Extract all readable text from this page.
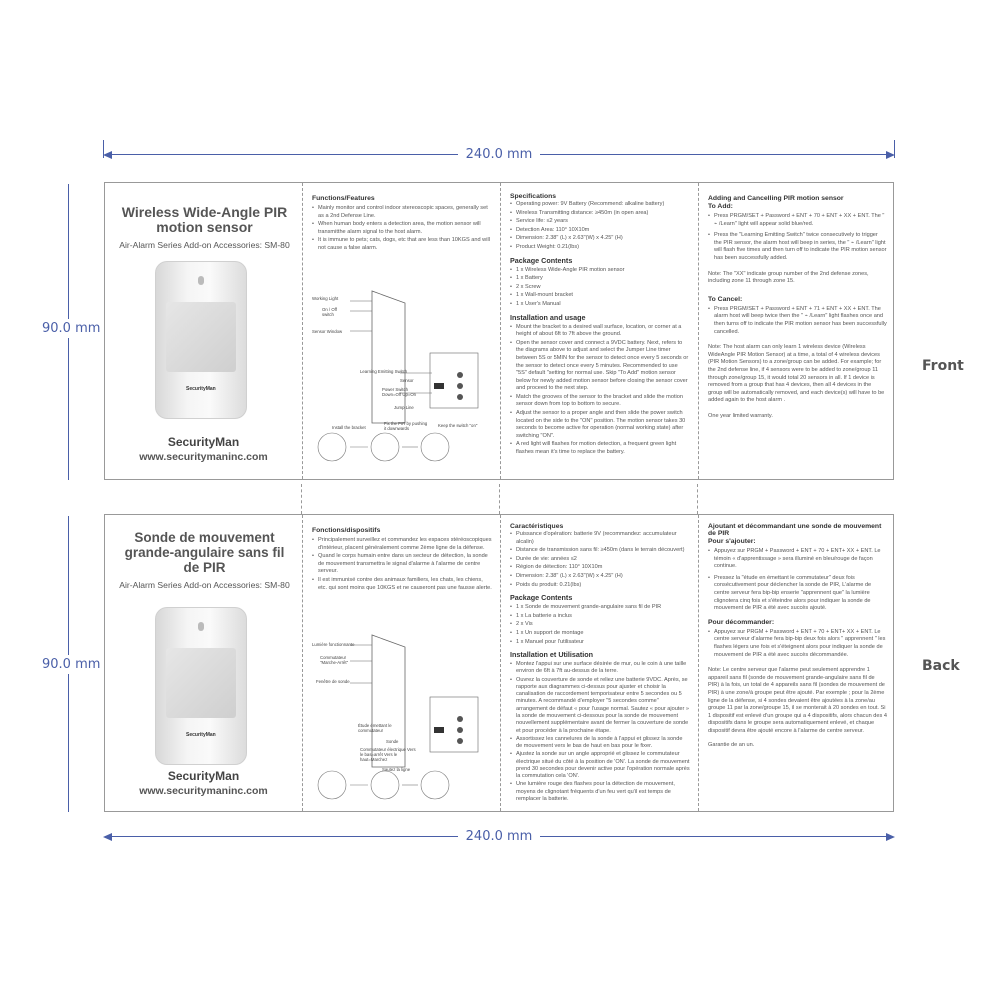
240.0 mm
240.0 mm
90.0 mm
90.0 mm
Front
Back
Wireless Wide-Angle PIR motion sensor
Air-Alarm Series Add-on Accessories: SM-80
SecurityMan
SecurityMan
www.securitymaninc.com
Functions/Features
• Mainly monitor and control indoor stereoscopic spaces, generally set as a 2nd Defense Line.
• When human body enters a detection area, the motion sensor will transmitthe alarm signal to the host alarm.
• It is immune to pets; cats, dogs, etc that are less than 10KGS and will not cause a false alarm.
Working Light
On / Off switch
Sensor Window
Learning Emitting Switch
Sensor
Power Switch Down=Off Up=On
Jump Line
Install the bracket
Fix the PIR by pushing it downwards
Keep the switch "on"
Specifications
• Operating power: 9V Battery (Recommend: alkaline battery)
• Wireless Transmitting distance: ≥450m (in open area)
• Service life: ≤2 years
• Detection Area: 110° 10X10m
• Dimension: 2.38" (L) x 2.63"(W) x 4.25" (H)
• Product Weight: 0.21(lbs)
Package Contents
• 1 x Wireless Wide-Angle PIR motion sensor
• 1 x Battery
• 2 x Screw
• 1 x Wall-mount bracket
• 1 x User's Manual
Installation and usage
• Mount the bracket to a desired wall surface, location, or corner at a height of about 6ft to 7ft above the ground.
• Open the sensor cover and connect a 9VDC battery. Next, refers to the diagrams above to adjust and select the Jumper Line timer between 5S or 5MIN for the sensor to detect once every 5 seconds or the sensor to detect once every 5 minutes. Recommended to use "5S" default "setting for normal use. Skip "To Add" motion sensor below for newly added motion sensor before closing the sensor cover and proceed to the next step.
• Match the grooves of the sensor to the bracket and slide the motion sensor down from top to bottom to secure.
• Adjust the sensor to a proper angle and then slide the power switch located on the side to the "ON" position. The motion sensor takes 30 seconds to become active for operation (normal working state) after switching "ON".
• A red light will flashes for motion detection, a frequent green light flashes mean it's time to replace the battery.
Adding and Cancelling PIR motion sensor
To Add:
• Press PRGM/SET + Password + ENT + 70 + ENT + XX + ENT. The " ⌁ /Learn" light will appear solid blue/red.
• Press the "Learning Emitting Switch" twice consecutively to trigger the PIR sensor, the alarm host will beep in series, the " ⌁ /Learn" light will flash five times and then turn off to indicate the PIR motion sensor has been successfully added.

Note: The "XX" indicate group number of the 2nd defense zones, including zone 11 through zone 15.

To Cancel:
• Press PRGM/SET + Password + ENT + 71 + ENT + XX + ENT. The alarm host will beep twice then the " ⌁ /Learn" light flashes once and then turns off to indicate the PIR motion sensor has been successfully cancelled.

Note: The host alarm can only learn 1 wireless device (Wireless WideAngle PIR Motion Sensor) at a time, a total of 4 wireless devices (PIR Motion Sensors) to a zone/group can be added. For example; for the 2nd defense line, if 4 sensors were to be added to zone/group 11 through zone/group 15, it would total 20 sensors in all. If 1 device is removed from a group that has 4 devices, then all 4 devices in the group will be automatically removed, and each device(s) will have to be added again to the host alarm .

One year limited warranty.

Sonde de mouvement grande-angulaire sans fil de PIR
Air-Alarm Series Add-on Accessories: SM-80
SecurityMan
SecurityMan
www.securitymaninc.com
Fonctions/dispositifs
• Principalement surveillez et commandez les espaces stéréoscopiques d'intérieur, placent généralement comme 2ème ligne de la défense.
• Quand le corps humain entre dans un secteur de détection, la sonde de mouvement transmettra le signal d'alarme à l'alarme de centre serveur.
• Il est immunisé contre des animaux familiers, les chats, les chiens, etc. qui sont moins que 10KGS et ne causeront pas une fausse alerte.
Lumière fonctionnante
Commutateur "Marche-Arrêt"
Fenêtre de sonde
Étude émettant le commutateur
Sonde
Commutateur électrique Vers le bas=arrêt Vers le haut=Marchez
Sautez la ligne
Caractéristiques
• Puissance d'opération: batterie 9V (recommandez: accumulateur alcalin)
• Distance de transmission sans fil: ≥450m (dans le terrain découvert)
• Durée de vie: années ≤2
• Région de détection: 110° 10X10m
• Dimension: 2.38" (L) x 2.63"(W) x 4.25" (H)
• Poids du produit: 0.21(lbs)
Package Contents
• 1 x Sonde de mouvement grande-angulaire sans fil de PIR
• 1 x La batterie a inclus
• 2 x Vis
• 1 x Un support de montage
• 1 x Manuel pour l'utilisateur
Installation et Utilisation
• Montez l'appui sur une surface désirée de mur, ou le coin à une taille environ de 6ft à 7ft au-dessus de la terre.
• Ouvrez la couverture de sonde et reliez une batterie 9VDC. Après, se rapporte aux diagrammes ci-dessus pour ajuster et choisir la canalisation de raccordement temporisateur entre 5 secondes ou 5 minutes. A recommandé d'employer "5 secondes comme" arrangement de défaut « pour l'usage normal. Sautez « pour ajouter » la sonde de mouvement ci-dessous pour la sonde de mouvement nouvellement supplémentaire avant de fermer la couverture de sonde et pour procéder à la prochaine étape.
• Assortissez les cannelures de la sonde à l'appui et glissez la sonde de mouvement vers le bas de haut en bas pour le fixer.
• Ajustez la sonde sur un angle approprié et glissez le commutateur électrique situé du côté à la position de 'ON'. La sonde de mouvement prend 30 secondes pour devenir active pour l'opération normale après la commutation cela 'ON'.
• Une lumière rouge des flashes pour la détection de mouvement, moyens de clignotant fréquents d'un feu vert qu'il est temps de remplacer la batterie.
Ajoutant et décommandant une sonde de mouvement de PIR
Pour s'ajouter:
• Appuyez sur PRGM + Password + ENT + 70 + ENT+ XX + ENT. Le témoin « d'apprentissage » sera illuminé en bleu/rouge de façon continue.
• Pressez la "étude en émettant le commutateur" deux fois consécutivement pour déclencher la sonde de PIR, L'alarme de centre serveur fera bip-bip enserie "apprennent que" la lumière clignotera cinq fois et s'éteindre alors pour indiquer la sonde de mouvement de PIR a été avec succès ajouté.
Pour décommander:
• Appuyez sur PRGM + Password + ENT + 70 + ENT+ XX + ENT. Le centre serveur d'alarme fera bip-bip deux fois alors " apprennent " les flashes légers une fois et s'éteignent alors pour indiquer la sonde de mouvement de PIR a été avec succès décommandée.

Note: Le centre serveur que l'alarme peut seulement apprendre 1 appareil sans fil (sonde de mouvement grande-angulaire sans fil de PIR) à la fois, un total de 4 appareils sans fil (sondes de mouvement de PIR) à une zone/à groupe peut être ajouté. Par exemple ; pour la 2ème ligne de la défense, si 4 sondes devaient être ajoutées à la zone/au groupe 11 par la zone/groupe 15, il se monterait à 20 sondes en tout. Si 1 dispositif est enlevé d'un groupe qui a 4 dispositifs, alors chacun des 4 dispositifs dans le groupe sera automatiquement enlevé, et chaque dispositif devra être ajouté encore à l'alarme de centre serveur.

Garantie de an un.
